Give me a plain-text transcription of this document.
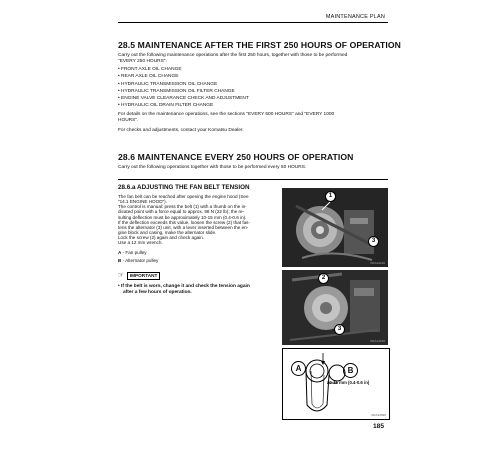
MAINTENANCE PLAN
28.5 MAINTENANCE AFTER THE FIRST 250 HOURS OF OPERATION
Carry out the following maintenance operations after the first 250 hours, together with those to be performed
"EVERY 250 HOURS".
• FRONT AXLE OIL CHANGE
• REAR AXLE OIL CHANGE
• HYDRAULIC TRANSMISSION OIL CHANGE
• HYDRAULIC TRANSMISSION OIL FILTER CHANGE
• ENGINE VALVE CLEARANCE CHECK AND ADJUSTMENT
• HYDRAULIC OIL DRAIN FILTER CHANGE
For details on the maintenance operations, see the sections "EVERY 500 HOURS" and "EVERY 1000
HOURS".
For checks and adjustments, contact your Komatsu Dealer.
28.6 MAINTENANCE EVERY 250 HOURS OF OPERATION
Carry out the following operations together with those to be performed every 50 HOURS.
28.6.a ADJUSTING THE FAN BELT TENSION
The fan belt can be reached after opening the engine hood (See
"14.1 ENGINE HOOD").
The control is manual: press the belt (1) with a thumb on the in-
dicated point with a force equal to approx. 98 N (22 lb); the re-
sulting deflection must be approximately 10-15 mm (0.4-0.6 in).
If the deflection exceeds this value, loosen the screw (2) that fas-
tens the alternator (3) unit, with a lever inserted between the en-
gine block and casing, make the alternator slide.
Lock the screw (2) again and check again.
Use a 12 mm wrench.
A - Fan pulley
B - Alternator pulley
☞	IMPORTANT
• If the belt is worn, change it and check the tension again
after a few hours of operation.
1
3
RKA12140
2
3
RKA12150
A	B
10-15 mm (0.4-0.6 in)
RKA12690
185
